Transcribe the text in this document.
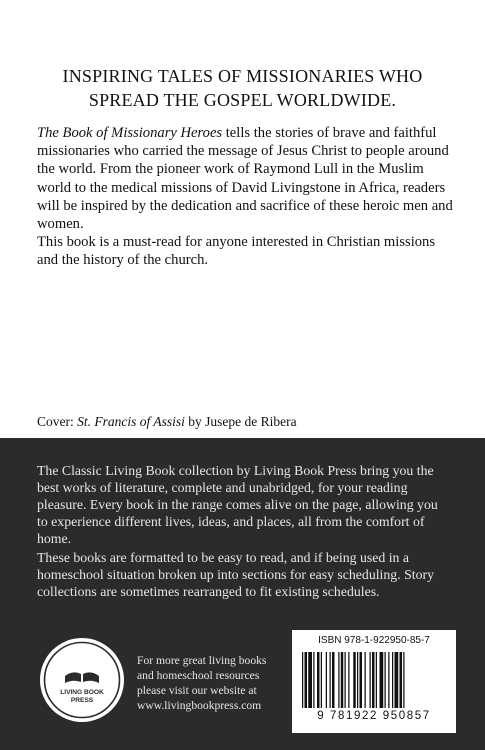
INSPIRING TALES OF MISSIONARIES WHO
SPREAD THE GOSPEL WORLDWIDE.

The Book of Missionary Heroes tells the stories of brave and faithful missionaries who carried the message of Jesus Christ to people around the world. From the pioneer work of Raymond Lull in the Muslim world to the medical missions of David Livingstone in Africa, readers will be inspired by the dedication and sacrifice of these heroic men and women.

This book is a must-read for anyone interested in Christian missions and the history of the church.

Cover: St. Francis of Assisi by Jusepe de Ribera

The Classic Living Book collection by Living Book Press bring you the best works of literature, complete and unabridged, for your reading pleasure. Every book in the range comes alive on the page, allowing you to experience different lives, ideas, and places, all from the comfort of home.

These books are formatted to be easy to read, and if being used in a homeschool situation broken up into sections for easy scheduling. Story collections are sometimes rearranged to fit existing schedules.

LIVING BOOK
PRESS
For more great living books
and homeschool resources
please visit our website at
www.livingbookpress.com
ISBN 978-1-922950-85-7
9 781922 950857
